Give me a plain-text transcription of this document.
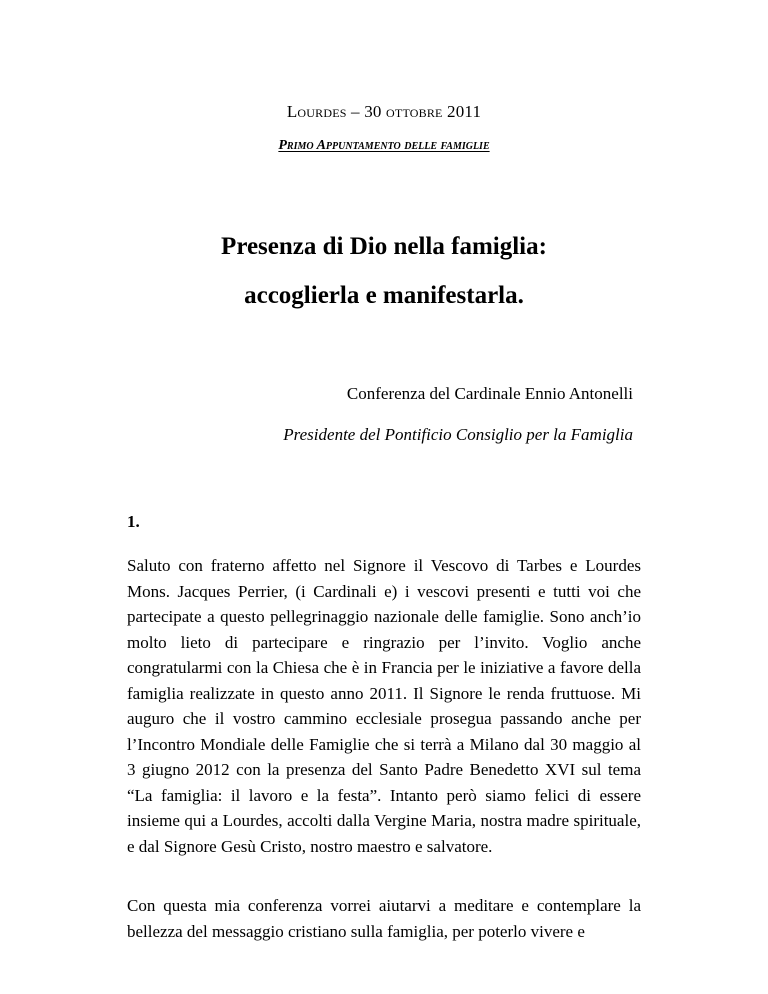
Lourdes – 30 ottobre 2011
Primo Appuntamento delle famiglie
Presenza di Dio nella famiglia:
accoglierla e manifestarla.
Conferenza del Cardinale Ennio Antonelli
Presidente del Pontificio Consiglio per la Famiglia
1.
Saluto con fraterno affetto nel Signore il Vescovo di Tarbes e Lourdes Mons. Jacques Perrier, (i Cardinali e) i vescovi presenti e tutti voi che partecipate a questo pellegrinaggio nazionale delle famiglie. Sono anch’io molto lieto di partecipare e ringrazio per l’invito. Voglio anche congratularmi con la Chiesa che è in Francia per le iniziative a favore della famiglia realizzate in questo anno 2011. Il Signore le renda fruttuose. Mi auguro che il vostro cammino ecclesiale prosegua passando anche per l’Incontro Mondiale delle Famiglie che si terrà a Milano dal 30 maggio al 3 giugno 2012 con la presenza del Santo Padre Benedetto XVI sul tema “La famiglia: il lavoro e la festa”. Intanto però siamo felici di essere insieme qui a Lourdes, accolti dalla Vergine Maria, nostra madre spirituale, e dal Signore Gesù Cristo, nostro maestro e salvatore.
Con questa mia conferenza vorrei aiutarvi a meditare e contemplare la bellezza del messaggio cristiano sulla famiglia, per poterlo vivere e
